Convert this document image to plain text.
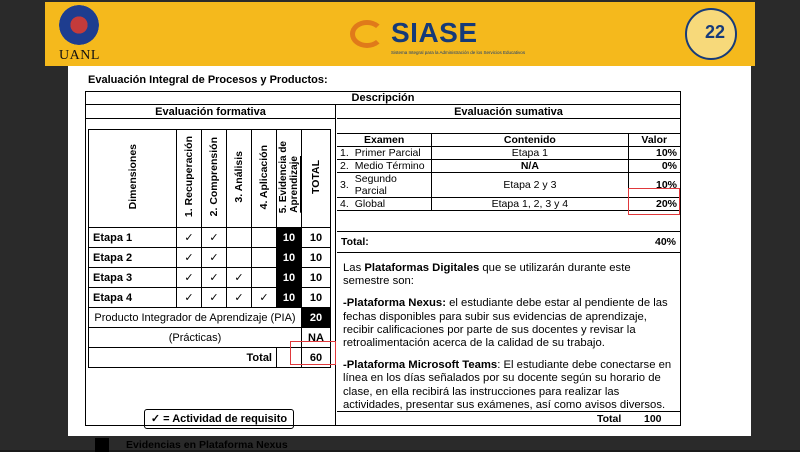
UANL
SIASE
Sistema Integral para la Administración de los Servicios Educativos
22
Evaluación Integral de Procesos y Productos:
Descripción
Evaluación formativa
Dimensiones	1. Recuperación	2. Comprensión	3. Análisis	4. Aplicación	5. Evidencia deAprendizaje	TOTAL
Etapa 1	✓	✓			10	10
Etapa 2	✓	✓			10	10
Etapa 3	✓	✓	✓		10	10
Etapa 4	✓	✓	✓	✓	10	10
Producto Integrador de Aprendizaje (PIA)						20
(Prácticas)						NA
Total						60
✓ = Actividad de requisito
Evidencias en Plataforma Nexus
Evaluación sumativa
Examen		Contenido	Valor
1.	Primer Parcial	Etapa 1	10%
2.	Medio Término	N/A	0%
3.	Segundo Parcial	Etapa 2 y 3	10%
4.	Global	Etapa 1, 2, 3 y 4	20%
Total:	40%

Las Plataformas Digitales que se utilizarán durante este semestre son:

-Plataforma Nexus: el estudiante debe estar al pendiente de las fechas disponibles para subir sus evidencias de aprendizaje, recibir calificaciones por parte de sus docentes y revisar la retroalimentación acerca de la calidad de su trabajo.

-Plataforma Microsoft Teams: El estudiante debe conectarse en línea en los días señalados por su docente según su horario de clase, en ella recibirá las instrucciones para realizar las actividades, presentar sus exámenes, así como avisos diversos.

Total 100
